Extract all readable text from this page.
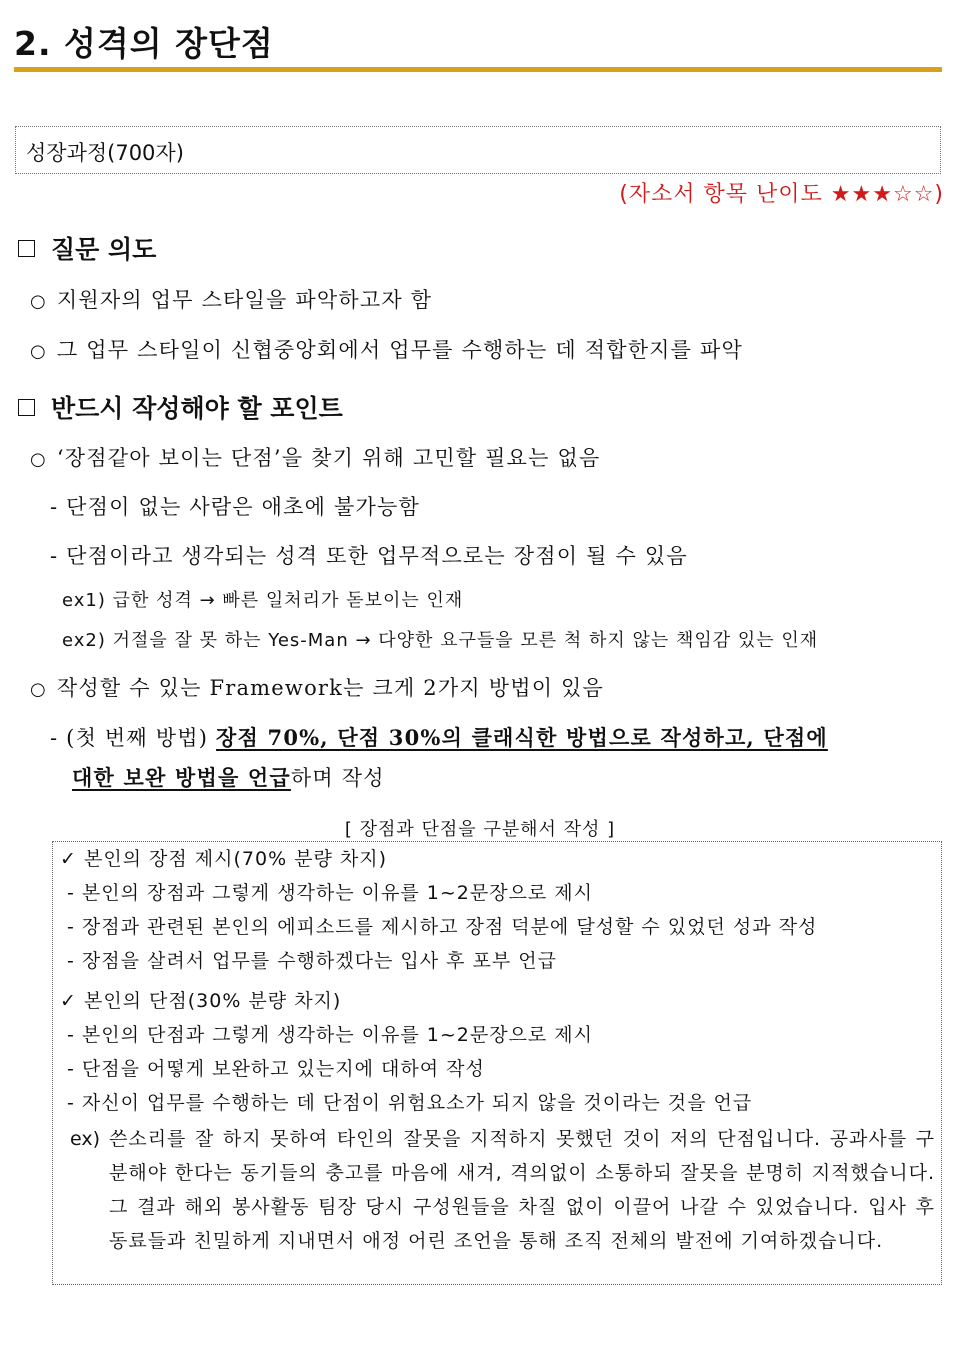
2. 성격의 장단점
성장과정(700자)
(자소서 항목 난이도 ★★★☆☆)
질문 의도
○ 지원자의 업무 스타일을 파악하고자 함
○ 그 업무 스타일이 신협중앙회에서 업무를 수행하는 데 적합한지를 파악
반드시 작성해야 할 포인트
○ ‘장점같아 보이는 단점’을 찾기 위해 고민할 필요는 없음
- 단점이 없는 사람은 애초에 불가능함
- 단점이라고 생각되는 성격 또한 업무적으로는 장점이 될 수 있음
ex1) 급한 성격 → 빠른 일처리가 돋보이는 인재
ex2) 거절을 잘 못 하는 Yes-Man → 다양한 요구들을 모른 척 하지 않는 책임감 있는 인재
○ 작성할 수 있는 Framework는 크게 2가지 방법이 있음
- (첫 번째 방법) 장점 70%, 단점 30%의 클래식한 방법으로 작성하고, 단점에
대한 보완 방법을 언급하며 작성
[ 장점과 단점을 구분해서 작성 ]
✓ 본인의 장점 제시(70% 분량 차지)
- 본인의 장점과 그렇게 생각하는 이유를 1~2문장으로 제시
- 장점과 관련된 본인의 에피소드를 제시하고 장점 덕분에 달성할 수 있었던 성과 작성
- 장점을 살려서 업무를 수행하겠다는 입사 후 포부 언급
✓ 본인의 단점(30% 분량 차지)
- 본인의 단점과 그렇게 생각하는 이유를 1~2문장으로 제시
- 단점을 어떻게 보완하고 있는지에 대하여 작성
- 자신이 업무를 수행하는 데 단점이 위험요소가 되지 않을 것이라는 것을 언급
ex) 쓴소리를 잘 하지 못하여 타인의 잘못을 지적하지 못했던 것이 저의 단점입니다. 공과사를 구분해야 한다는 동기들의 충고를 마음에 새겨, 격의없이 소통하되 잘못을 분명히 지적했습니다. 그 결과 해외 봉사활동 팀장 당시 구성원들을 차질 없이 이끌어 나갈 수 있었습니다. 입사 후 동료들과 친밀하게 지내면서 애정 어린 조언을 통해 조직 전체의 발전에 기여하겠습니다.
